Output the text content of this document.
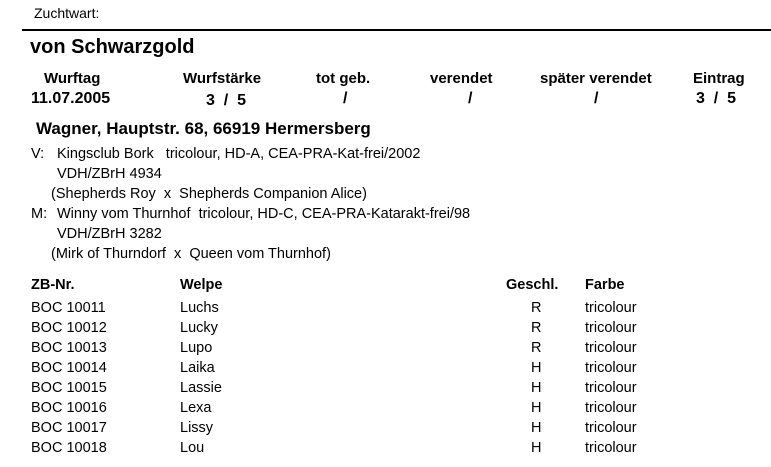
Zuchtwart:
von Schwarzgold
Wurftag	Wurfstärke	tot geb.	verendet	später verendet	Eintrag
11.07.2005	3  /  5	/	/	/	3  /  5
Wagner, Hauptstr. 68, 66919 Hermersberg
V: Kingsclub Bork   tricolour, HD-A, CEA-PRA-Kat-frei/2002
VDH/ZBrH 4934
(Shepherds Roy  x  Shepherds Companion Alice)
M: Winny vom Thurnhof  tricolour, HD-C, CEA-PRA-Katarakt-frei/98
VDH/ZBrH 3282
(Mirk of Thurndorf  x  Queen vom Thurnhof)
ZB-Nr.	Welpe	Geschl. Farbe
BOC 10011	Luchs	R	tricolour
BOC 10012	Lucky	R	tricolour
BOC 10013	Lupo	R	tricolour
BOC 10014	Laika	H	tricolour
BOC 10015	Lassie	H	tricolour
BOC 10016	Lexa	H	tricolour
BOC 10017	Lissy	H	tricolour
BOC 10018	Lou	H	tricolour
